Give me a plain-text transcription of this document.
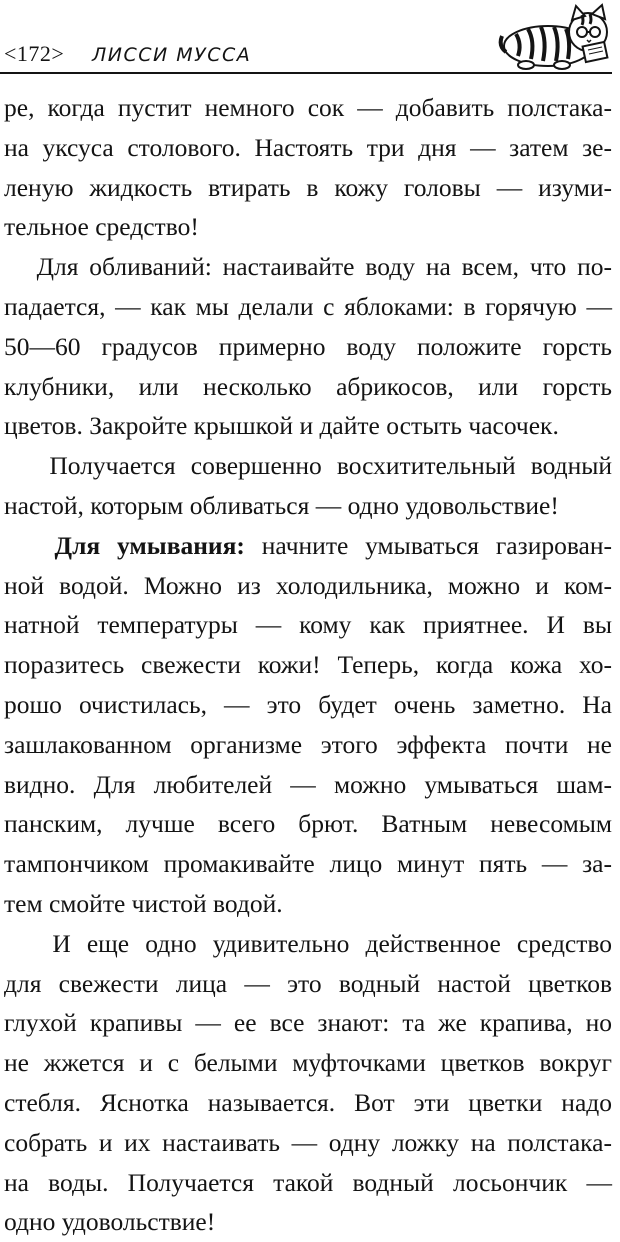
<172> ЛИССИ МУССА

ре, когда пустит немного сок — добавить полстака-
на уксуса столового. Настоять три дня — затем зе-
леную жидкость втирать в кожу головы — изуми-
тельное средство!

Для обливаний: настаивайте воду на всем, что по-
падается, — как мы делали с яблоками: в горячую —
50—60 градусов примерно воду положите горсть
клубники, или несколько абрикосов, или горсть
цветов. Закройте крышкой и дайте остыть часочек.

Получается совершенно восхитительный водный
настой, которым обливаться — одно удовольствие!

Для умывания: начните умываться газирован-
ной водой. Можно из холодильника, можно и ком-
натной температуры — кому как приятнее. И вы
поразитесь свежести кожи! Теперь, когда кожа хо-
рошо очистилась, — это будет очень заметно. На
зашлакованном организме этого эффекта почти не
видно. Для любителей — можно умываться шам-
панским, лучше всего брют. Ватным невесомым
тампончиком промакивайте лицо минут пять — за-
тем смойте чистой водой.

И еще одно удивительно действенное средство
для свежести лица — это водный настой цветков
глухой крапивы — ее все знают: та же крапива, но
не жжется и с белыми муфточками цветков вокруг
стебля. Яснотка называется. Вот эти цветки надо
собрать и их настаивать — одну ложку на полстака-
на воды. Получается такой водный лосьончик —
одно удовольствие!
